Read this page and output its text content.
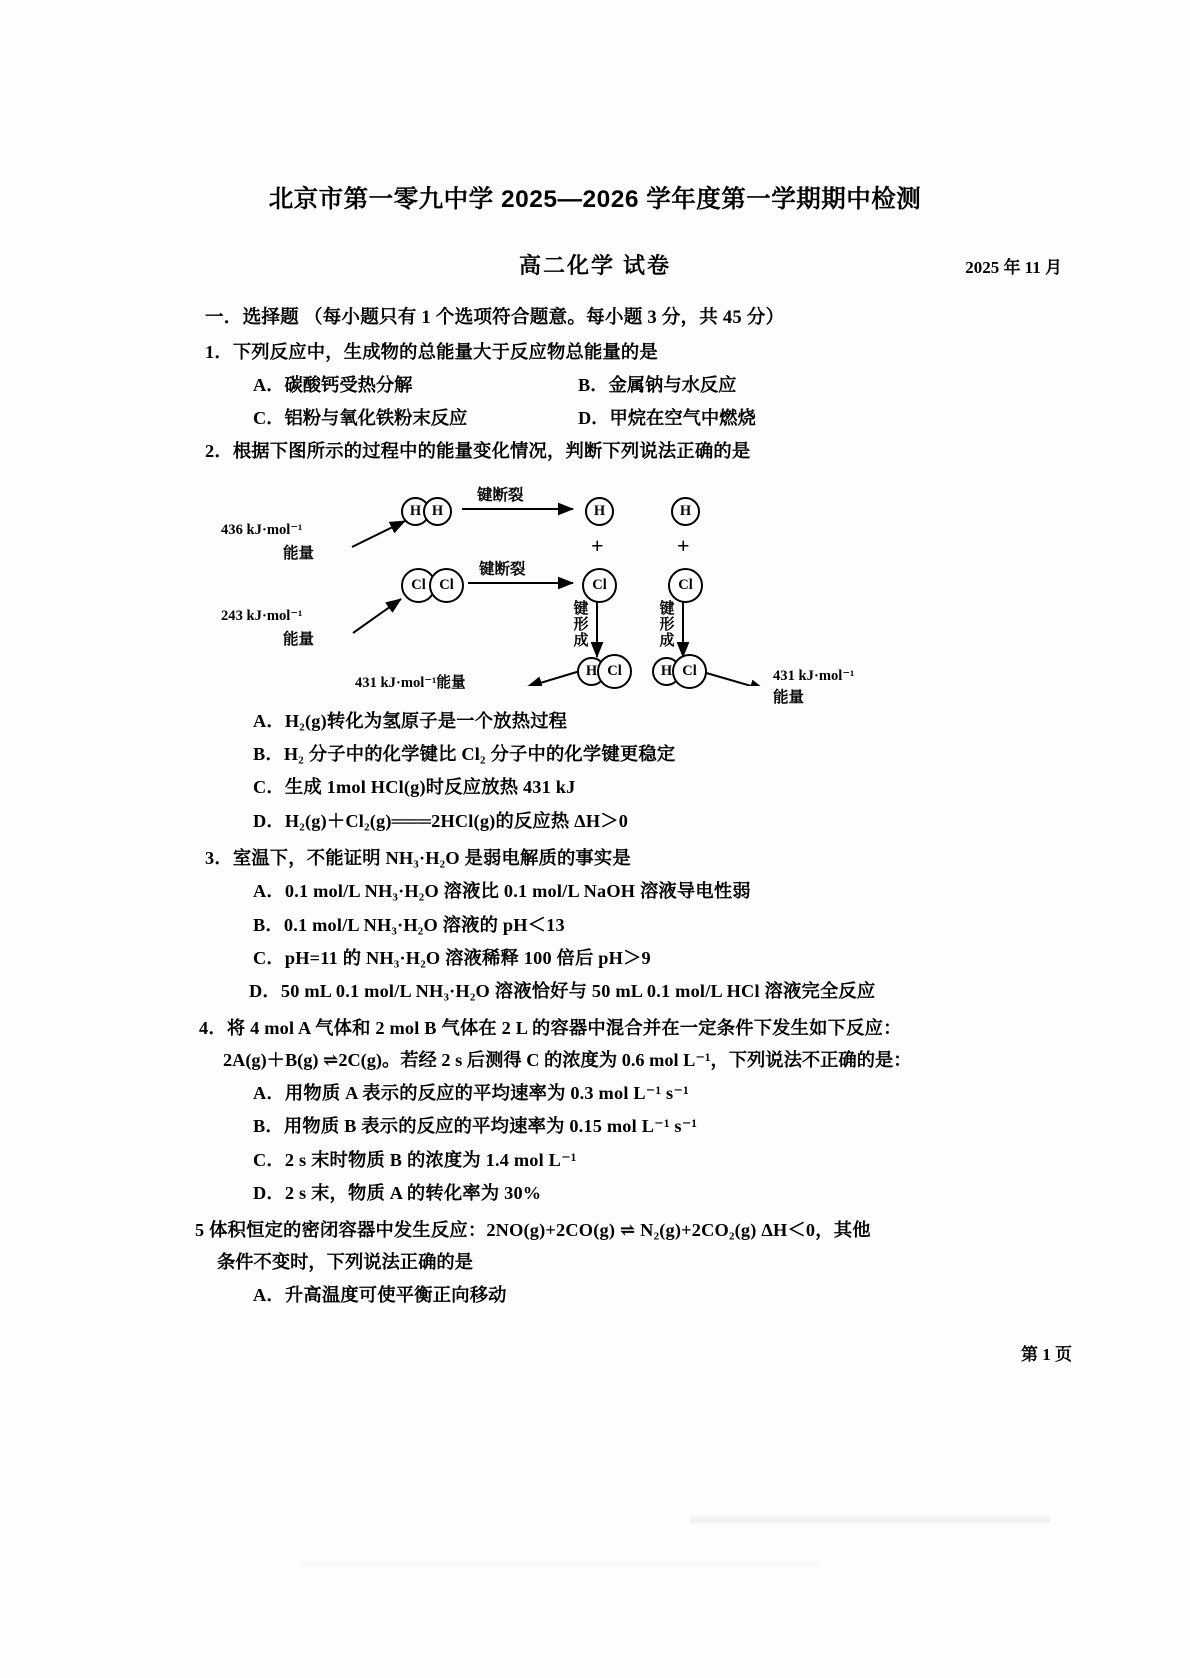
北京市第一零九中学 2025—2026 学年度第一学期期中检测
高二化学 试卷	2025 年 11 月
一．选择题 （每小题只有 1 个选项符合题意。每小题 3 分，共 45 分）
1．下列反应中，生成物的总能量大于反应物总能量的是
A．碳酸钙受热分解	B．金属钠与水反应
C．铝粉与氧化铁粉末反应	D．甲烷在空气中燃烧
2．根据下图所示的过程中的能量变化情况，判断下列说法正确的是
H H
Cl Cl
H	H
Cl	Cl
+	+
H Cl	H Cl
436 kJ·mol⁻¹
能量
243 kJ·mol⁻¹
能量
键断裂
键断裂
键形成
键形成
431 kJ·mol⁻¹能量	431 kJ·mol⁻¹
能量
A．H₂(g)转化为氢原子是一个放热过程
B．H₂ 分子中的化学键比 Cl₂ 分子中的化学键更稳定
C．生成 1mol HCl(g)时反应放热 431 kJ
D．H₂(g)＋Cl₂(g)═══2HCl(g)的反应热 ΔH＞0
3．室温下，不能证明 NH₃·H₂O 是弱电解质的事实是
A．0.1 mol/L NH₃·H₂O 溶液比 0.1 mol/L NaOH 溶液导电性弱
B．0.1 mol/L NH₃·H₂O 溶液的 pH＜13
C．pH=11 的 NH₃·H₂O 溶液稀释 100 倍后 pH＞9
D．50 mL 0.1 mol/L NH₃·H₂O 溶液恰好与 50 mL 0.1 mol/L HCl 溶液完全反应
4．将 4 mol A 气体和 2 mol B 气体在 2 L 的容器中混合并在一定条件下发生如下反应：
2A(g)＋B(g) ⇌2C(g)。若经 2 s 后测得 C 的浓度为 0.6 mol L⁻¹，下列说法不正确的是：
A．用物质 A 表示的反应的平均速率为 0.3 mol L⁻¹ s⁻¹
B．用物质 B 表示的反应的平均速率为 0.15 mol L⁻¹ s⁻¹
C．2 s 末时物质 B 的浓度为 1.4 mol L⁻¹
D．2 s 末，物质 A 的转化率为 30%
5 体积恒定的密闭容器中发生反应：2NO(g)+2CO(g) ⇌ N₂(g)+2CO₂(g) ΔH＜0，其他
条件不变时，下列说法正确的是
A．升高温度可使平衡正向移动
第 1 页
